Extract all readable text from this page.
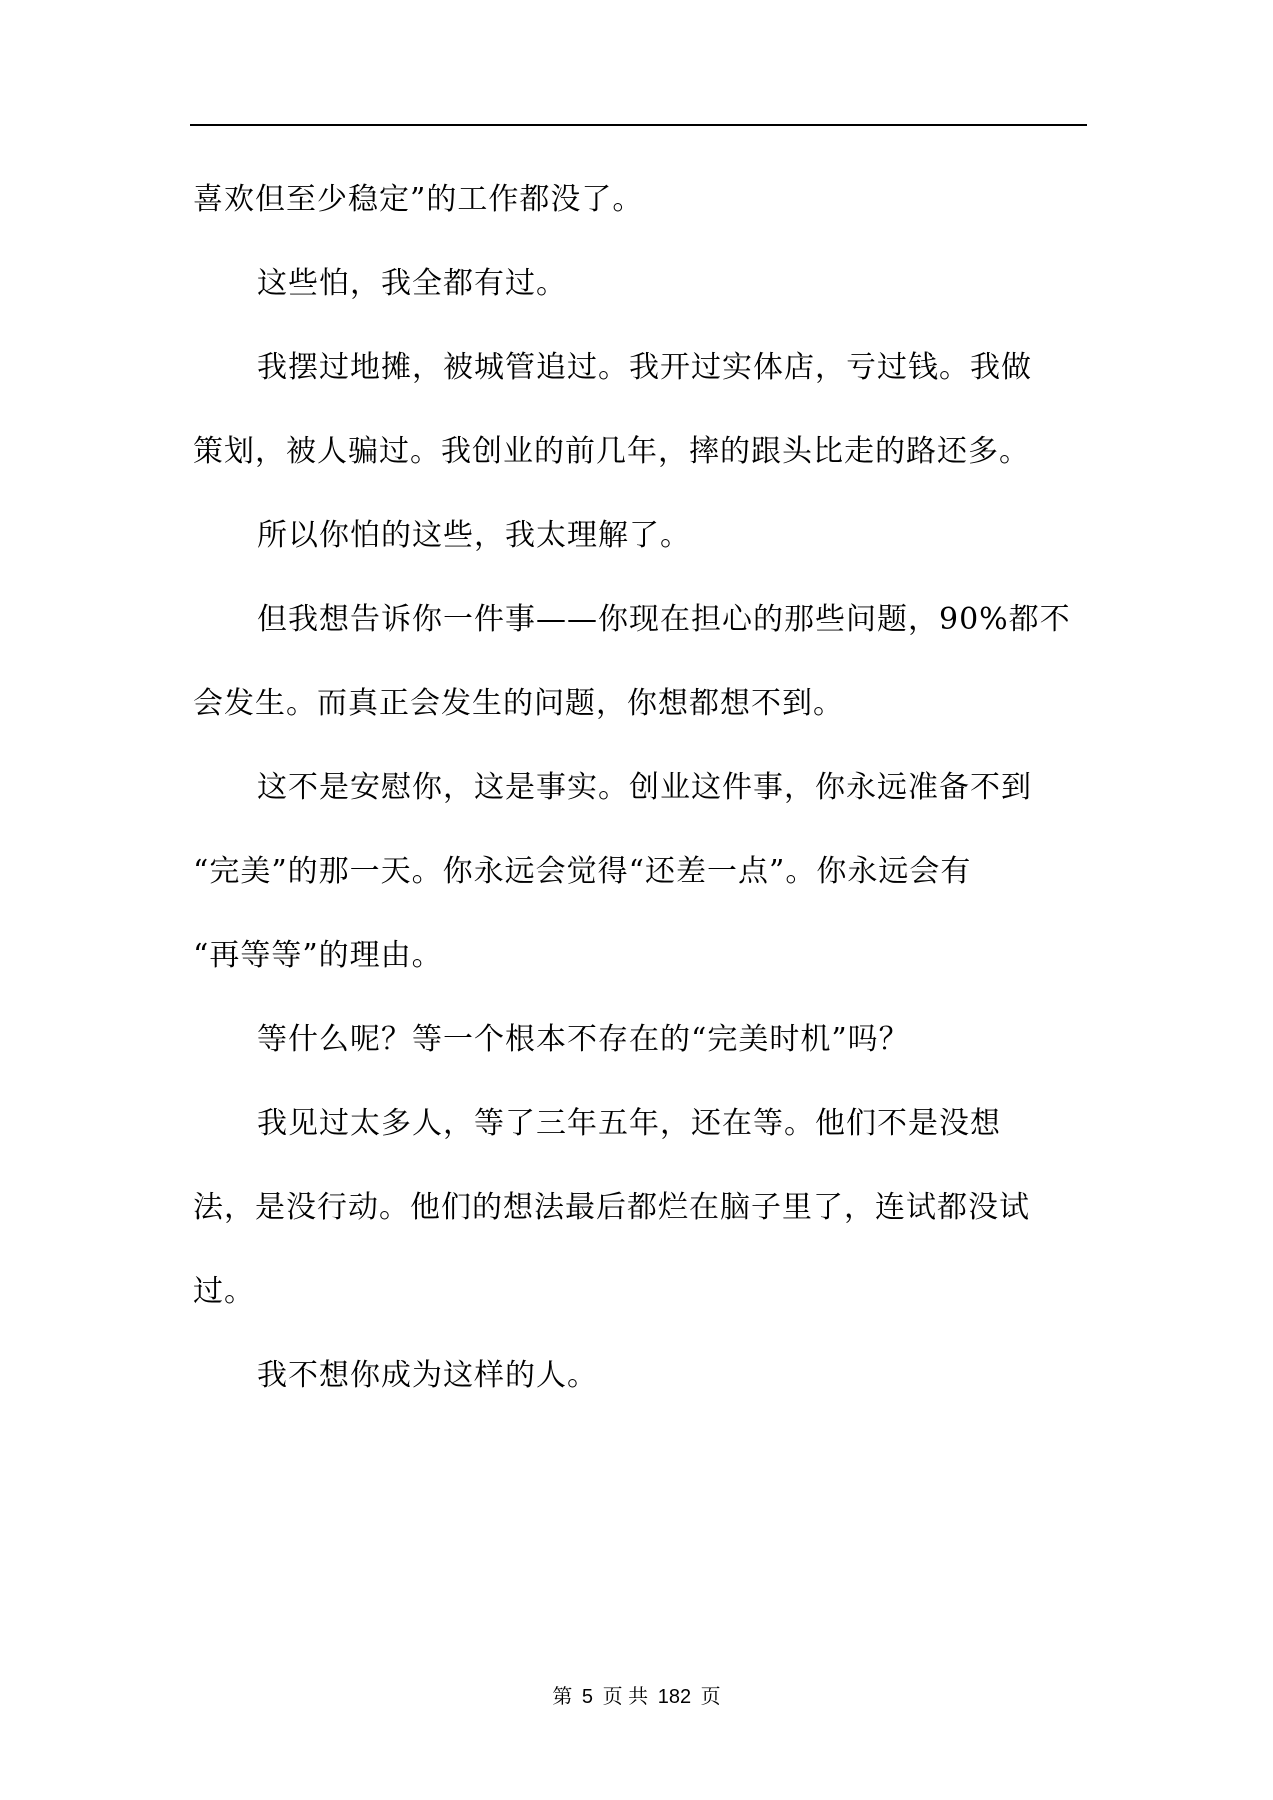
喜欢但至少稳定”的工作都没了。
这些怕，我全都有过。
我摆过地摊，被城管追过。我开过实体店，亏过钱。我做
策划，被人骗过。我创业的前几年，摔的跟头比走的路还多。
所以你怕的这些，我太理解了。
但我想告诉你一件事——你现在担心的那些问题，90%都不
会发生。而真正会发生的问题，你想都想不到。
这不是安慰你，这是事实。创业这件事，你永远准备不到
“完美”的那一天。你永远会觉得“还差一点”。你永远会有
“再等等”的理由。
等什么呢？等一个根本不存在的“完美时机”吗？
我见过太多人，等了三年五年，还在等。他们不是没想
法，是没行动。他们的想法最后都烂在脑子里了，连试都没试
过。
我不想你成为这样的人。
第 5 页 共 182 页
